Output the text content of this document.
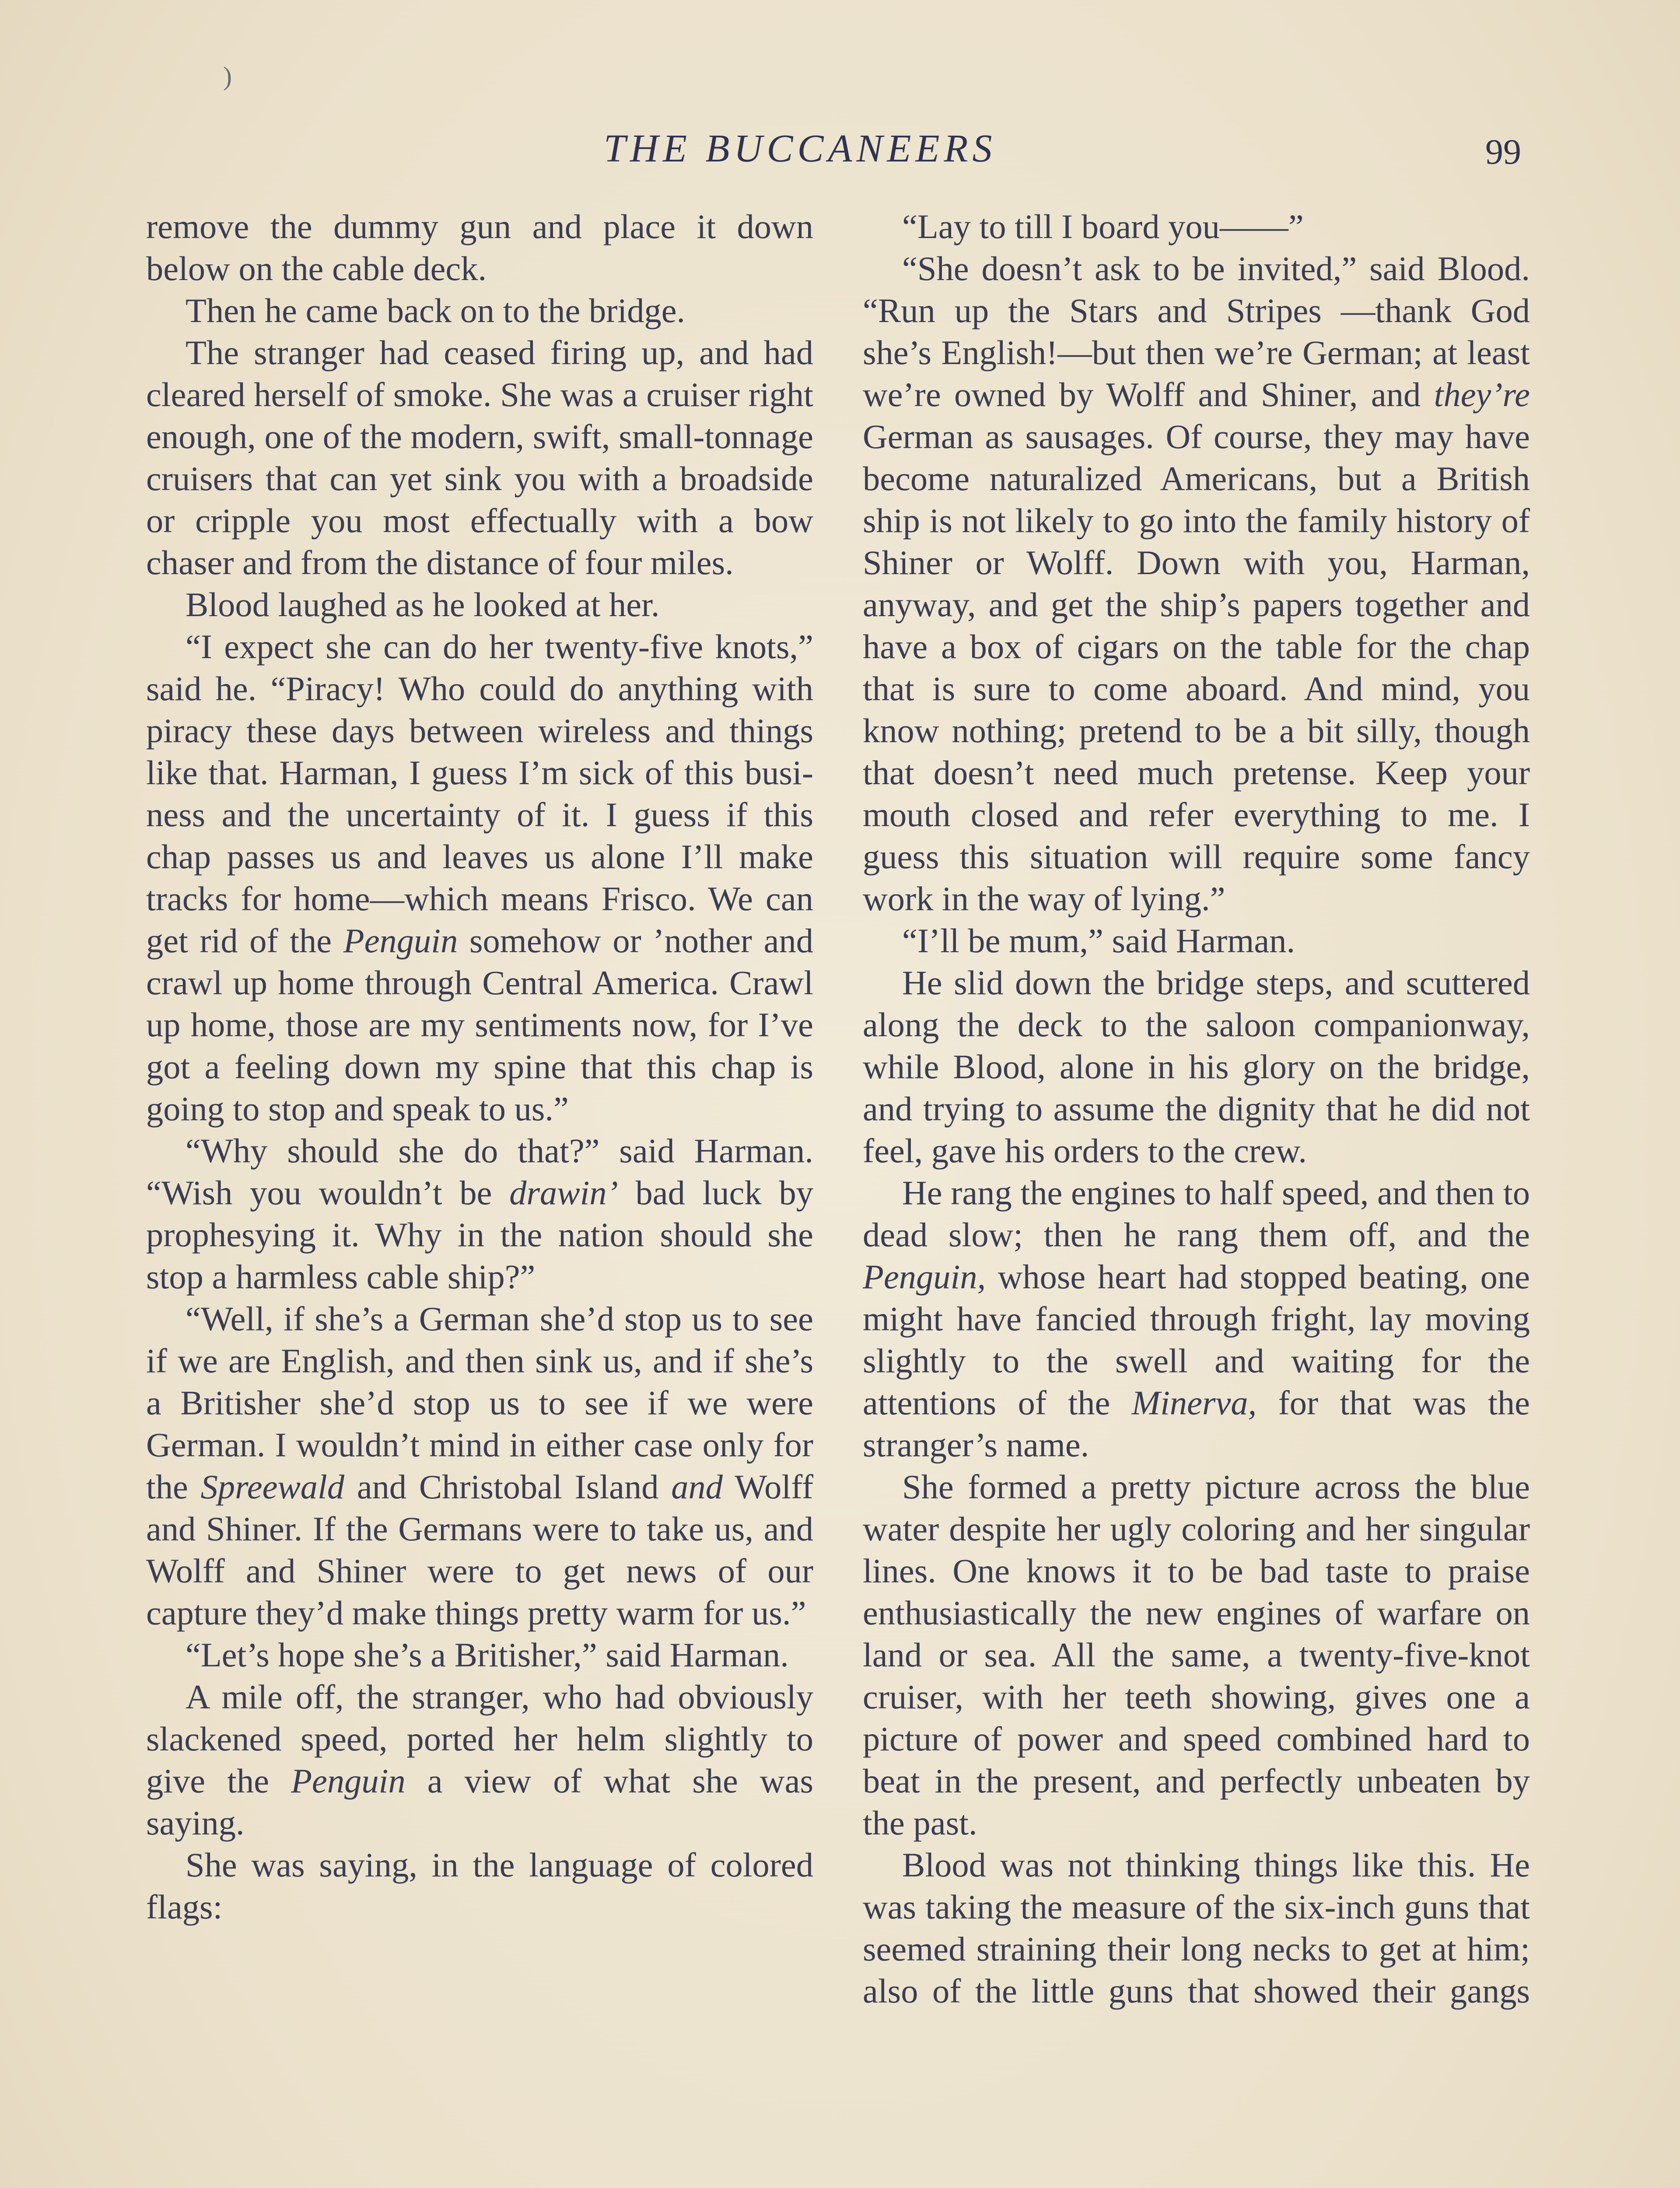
)
THE BUCCANEERS	99

remove the dummy gun and place it down below on the cable deck.

Then he came back on to the bridge.

The stranger had ceased firing up, and had cleared herself of smoke. She was a cruiser right enough, one of the modern, swift, small-tonnage cruisers that can yet sink you with a broadside or cripple you most effectually with a bow chaser and from the distance of four miles.

Blood laughed as he looked at her.

“I expect she can do her twenty-five knots,” said he. “Piracy! Who could do anything with piracy these days between wireless and things like that. Harman, I guess I’m sick of this business and the uncertainty of it. I guess if this chap passes us and leaves us alone I’ll make tracks for home—which means Frisco. We can get rid of the Penguin somehow or ’nother and crawl up home through Central America. Crawl up home, those are my sentiments now, for I’ve got a feeling down my spine that this chap is going to stop and speak to us.”

“Why should she do that?” said Harman. “Wish you wouldn’t be drawin’ bad luck by prophesying it. Why in the nation should she stop a harmless cable ship?”

“Well, if she’s a German she’d stop us to see if we are English, and then sink us, and if she’s a Britisher she’d stop us to see if we were German. I wouldn’t mind in either case only for the Spreewald and Christobal Island and Wolff and Shiner. If the Germans were to take us, and Wolff and Shiner were to get news of our capture they’d make things pretty warm for us.”

“Let’s hope she’s a Britisher,” said Harman.

A mile off, the stranger, who had obviously slackened speed, ported her helm slightly to give the Penguin a view of what she was saying.

She was saying, in the language of colored flags:

“Lay to till I board you——”

“She doesn’t ask to be invited,” said Blood. “Run up the Stars and Stripes —thank God she’s English!—but then we’re German; at least we’re owned by Wolff and Shiner, and they’re German as sausages. Of course, they may have become naturalized Americans, but a British ship is not likely to go into the family history of Shiner or Wolff. Down with you, Harman, anyway, and get the ship’s papers together and have a box of cigars on the table for the chap that is sure to come aboard. And mind, you know nothing; pretend to be a bit silly, though that doesn’t need much pretense. Keep your mouth closed and refer everything to me. I guess this situation will require some fancy work in the way of lying.”

“I’ll be mum,” said Harman.

He slid down the bridge steps, and scuttered along the deck to the saloon companionway, while Blood, alone in his glory on the bridge, and trying to assume the dignity that he did not feel, gave his orders to the crew.

He rang the engines to half speed, and then to dead slow; then he rang them off, and the Penguin, whose heart had stopped beating, one might have fancied through fright, lay moving slightly to the swell and waiting for the attentions of the Minerva, for that was the stranger’s name.

She formed a pretty picture across the blue water despite her ugly coloring and her singular lines. One knows it to be bad taste to praise enthusiastically the new engines of warfare on land or sea. All the same, a twenty-five-knot cruiser, with her teeth showing, gives one a picture of power and speed combined hard to beat in the present, and perfectly unbeaten by the past.

Blood was not thinking things like this. He was taking the measure of the six-inch guns that seemed straining their long necks to get at him; also of the little guns that showed their gangs
